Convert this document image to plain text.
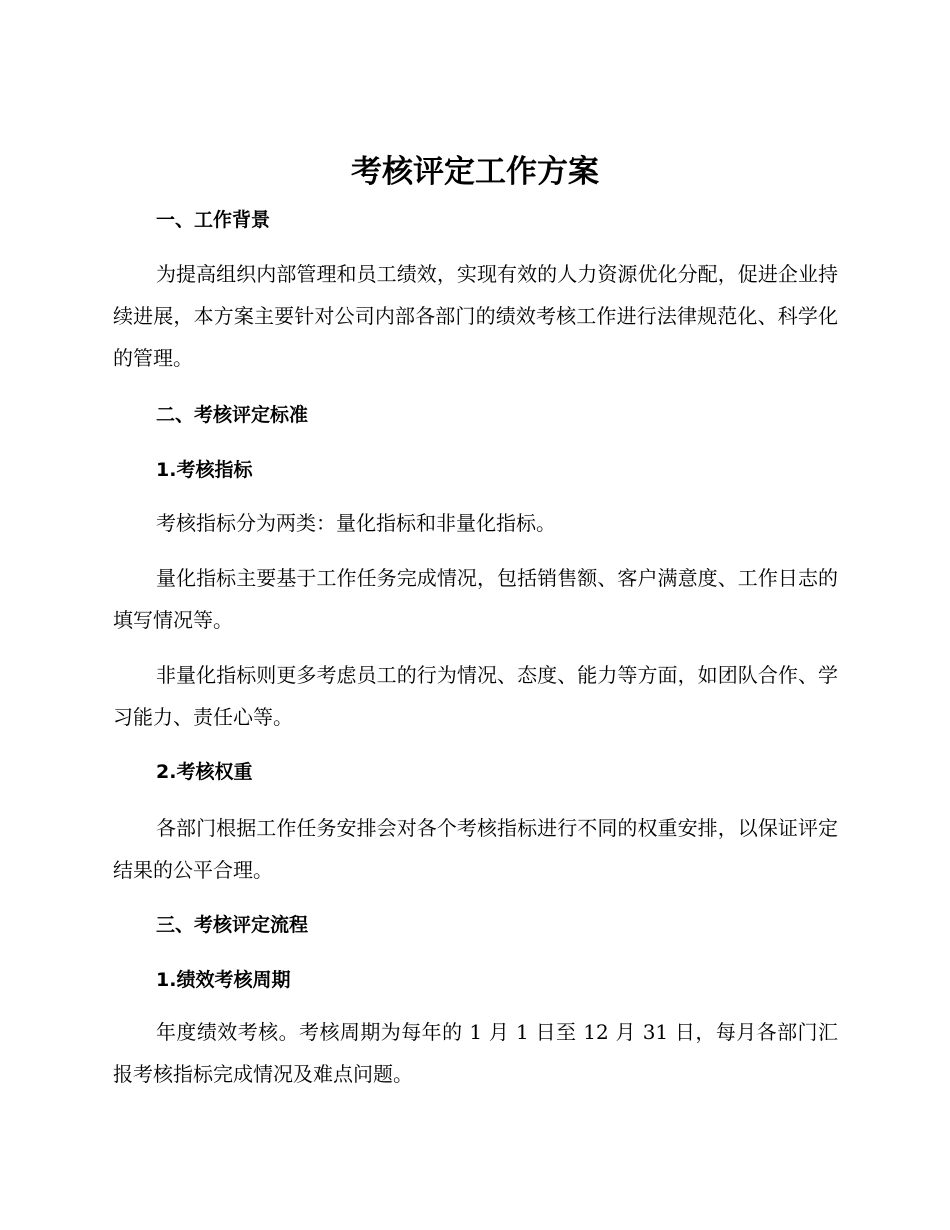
考核评定工作方案
一、工作背景

为提高组织内部管理和员工绩效，实现有效的人力资源优化分配，促进企业持续进展，本方案主要针对公司内部各部门的绩效考核工作进行法律规范化、科学化的管理。

二、考核评定标准
1.考核指标

考核指标分为两类：量化指标和非量化指标。

量化指标主要基于工作任务完成情况，包括销售额、客户满意度、工作日志的填写情况等。

非量化指标则更多考虑员工的行为情况、态度、能力等方面，如团队合作、学习能力、责任心等。

2.考核权重

各部门根据工作任务安排会对各个考核指标进行不同的权重安排，以保证评定结果的公平合理。

三、考核评定流程
1.绩效考核周期

年度绩效考核。考核周期为每年的 1 月 1 日至 12 月 31 日，每月各部门汇报考核指标完成情况及难点问题。
